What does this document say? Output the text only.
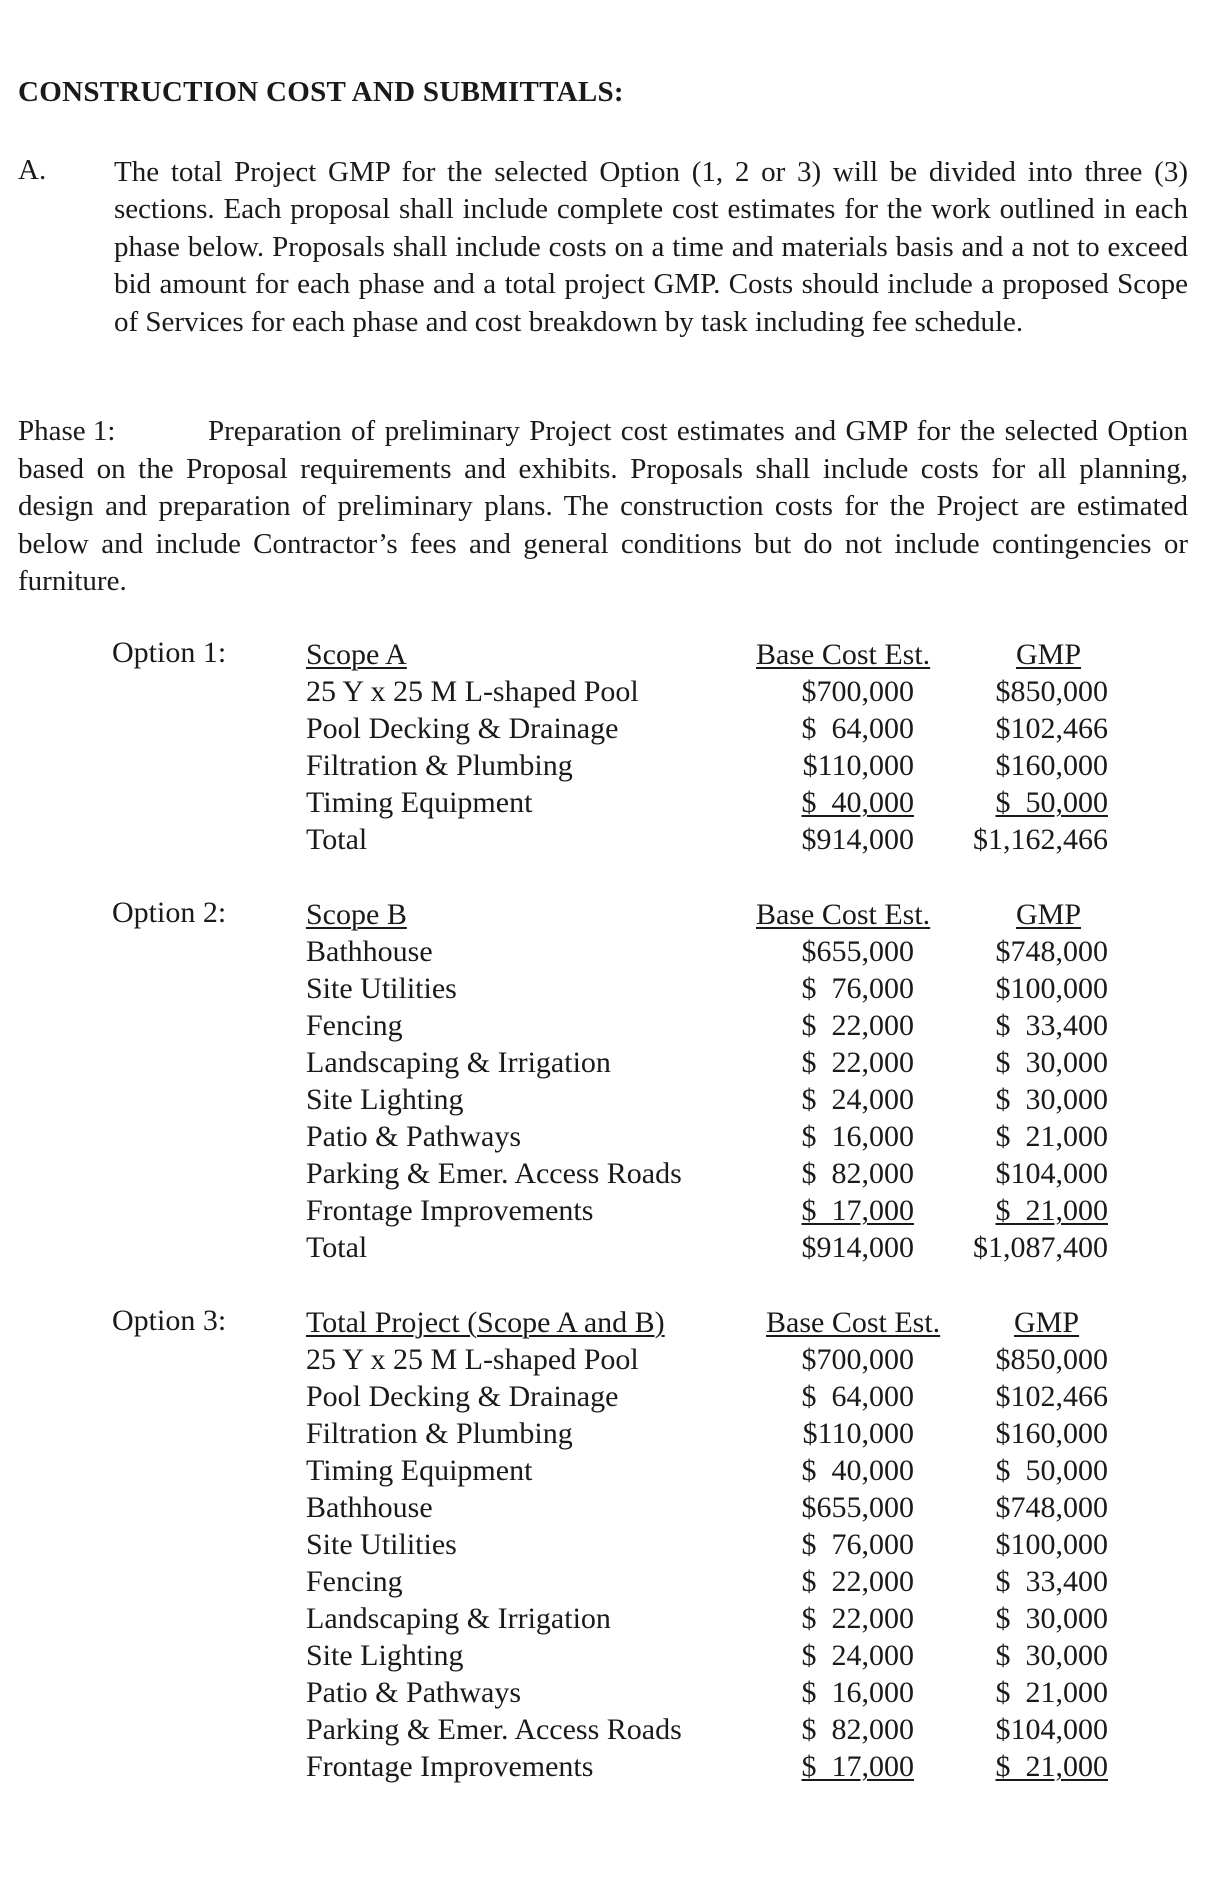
CONSTRUCTION COST AND SUBMITTALS:
A. The total Project GMP for the selected Option (1, 2 or 3) will be divided into three (3) sections. Each proposal shall include complete cost estimates for the work outlined in each phase below. Proposals shall include costs on a time and materials basis and a not to exceed bid amount for each phase and a total project GMP. Costs should include a proposed Scope of Services for each phase and cost breakdown by task including fee schedule.
Phase 1:	Preparation of preliminary Project cost estimates and GMP for the selected Option based on the Proposal requirements and exhibits. Proposals shall include costs for all planning, design and preparation of preliminary plans. The construction costs for the Project are estimated below and include Contractor’s fees and general conditions but do not include contingencies or furniture.
Option 1:	Scope A	Base Cost Est.	GMP
25 Y x 25 M L-shaped Pool	$700,000	$850,000
Pool Decking & Drainage	$  64,000	$102,466
Filtration & Plumbing	$110,000	$160,000
Timing Equipment	$  40,000	$  50,000
Total	$914,000 $1,162,466
Option 2:	Scope B	Base Cost Est.	GMP
Bathhouse	$655,000	$748,000
Site Utilities	$  76,000	$100,000
Fencing	$  22,000	$  33,400
Landscaping & Irrigation	$  22,000	$  30,000
Site Lighting	$  24,000	$  30,000
Patio & Pathways	$  16,000	$  21,000
Parking & Emer. Access Roads	$  82,000	$104,000
Frontage Improvements	$  17,000	$  21,000
Total	$914,000 $1,087,400
Option 3:	Total Project (Scope A and B)	Base Cost Est. GMP
25 Y x 25 M L-shaped Pool	$700,000	$850,000
Pool Decking & Drainage	$  64,000	$102,466
Filtration & Plumbing	$110,000	$160,000
Timing Equipment	$  40,000	$  50,000
Bathhouse	$655,000	$748,000
Site Utilities	$  76,000	$100,000
Fencing	$  22,000	$  33,400
Landscaping & Irrigation	$  22,000	$  30,000
Site Lighting	$  24,000	$  30,000
Patio & Pathways	$  16,000	$  21,000
Parking & Emer. Access Roads	$  82,000	$104,000
Frontage Improvements	$  17,000	$  21,000
